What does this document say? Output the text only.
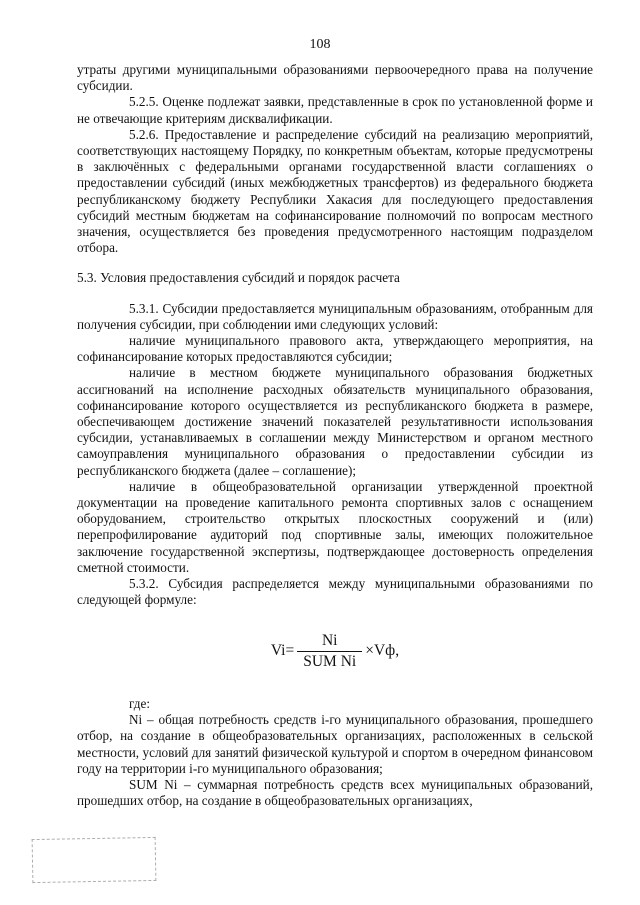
108

утраты другими муниципальными образованиями первоочередного права на получение субсидии.

5.2.5. Оценке подлежат заявки, представленные в срок по установленной форме и не отвечающие критериям дисквалификации.

5.2.6. Предоставление и распределение субсидий на реализацию мероприятий, соответствующих настоящему Порядку, по конкретным объектам, которые предусмотрены в заключённых с федеральными органами государственной власти соглашениях о предоставлении субсидий (иных межбюджетных трансфертов) из федерального бюджета республиканскому бюджету Республики Хакасия для последующего предоставления субсидий местным бюджетам на софинансирование полномочий по вопросам местного значения, осуществляется без проведения предусмотренного настоящим подразделом отбора.

5.3. Условия предоставления субсидий и порядок расчета

5.3.1. Субсидии предоставляется муниципальным образованиям, отобранным для получения субсидии, при соблюдении ими следующих условий:

наличие муниципального правового акта, утверждающего мероприятия, на софинансирование которых предоставляются субсидии;

наличие в местном бюджете муниципального образования бюджетных ассигнований на исполнение расходных обязательств муниципального образования, софинансирование которого осуществляется из республиканского бюджета в размере, обеспечивающем достижение значений показателей результативности использования субсидии, устанавливаемых в соглашении между Министерством и органом местного самоуправления муниципального образования о предоставлении субсидии из республиканского бюджета (далее – соглашение);

наличие в общеобразовательной организации утвержденной проектной документации на проведение капитального ремонта спортивных залов с оснащением оборудованием, строительство открытых плоскостных сооружений и (или) перепрофилирование аудиторий под спортивные залы, имеющих положительное заключение государственной экспертизы, подтверждающее достоверность определения сметной стоимости.

5.3.2. Субсидия распределяется между муниципальными образованиями по следующей формуле:

$Vi= \frac{Ni}{\text{SUM Ni}} \times Vф$,

где:

Ni – общая потребность средств i-го муниципального образования, прошедшего отбор, на создание в общеобразовательных организациях, расположенных в сельской местности, условий для занятий физической культурой и спортом в очередном финансовом году на территории i-го муниципального образования;

SUM Ni – суммарная потребность средств всех муниципальных образований, прошедших отбор, на создание в общеобразовательных организациях,
